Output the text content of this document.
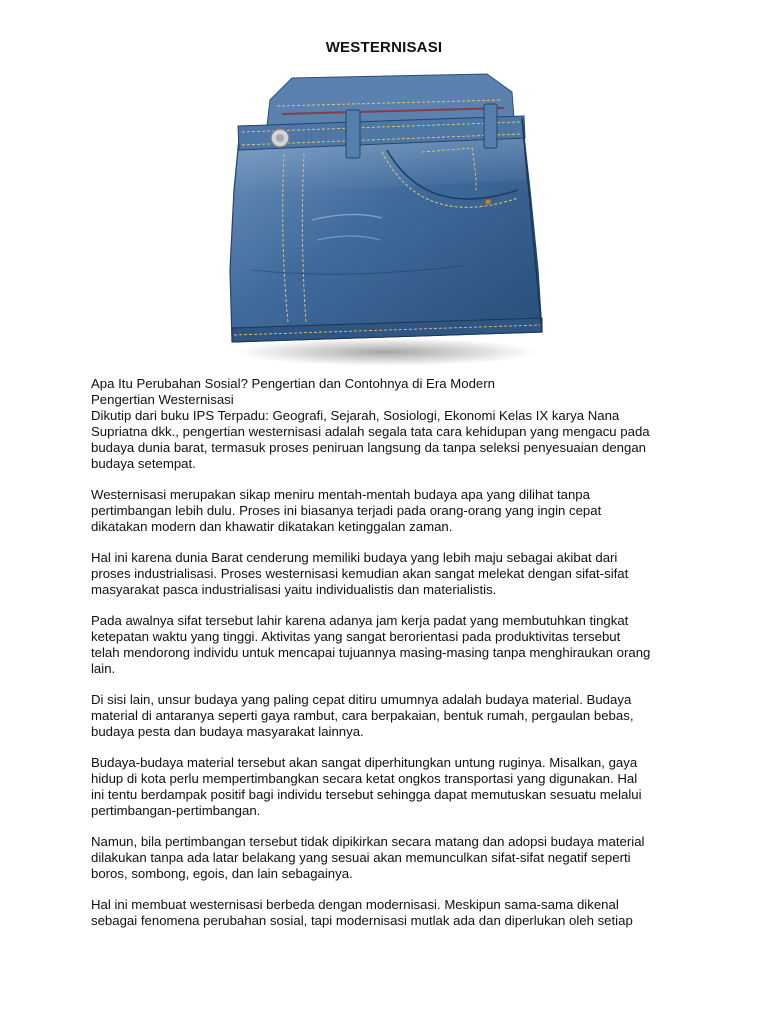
WESTERNISASI

Apa Itu Perubahan Sosial? Pengertian dan Contohnya di Era Modern

Pengertian Westernisasi

Dikutip dari buku IPS Terpadu: Geografi, Sejarah, Sosiologi, Ekonomi Kelas IX karya Nana
Supriatna dkk., pengertian westernisasi adalah segala tata cara kehidupan yang mengacu pada
budaya dunia barat, termasuk proses peniruan langsung da tanpa seleksi penyesuaian dengan
budaya setempat.

Westernisasi merupakan sikap meniru mentah-mentah budaya apa yang dilihat tanpa
pertimbangan lebih dulu. Proses ini biasanya terjadi pada orang-orang yang ingin cepat
dikatakan modern dan khawatir dikatakan ketinggalan zaman.

Hal ini karena dunia Barat cenderung memiliki budaya yang lebih maju sebagai akibat dari
proses industrialisasi. Proses westernisasi kemudian akan sangat melekat dengan sifat-sifat
masyarakat pasca industrialisasi yaitu individualistis dan materialistis.

Pada awalnya sifat tersebut lahir karena adanya jam kerja padat yang membutuhkan tingkat
ketepatan waktu yang tinggi. Aktivitas yang sangat berorientasi pada produktivitas tersebut
telah mendorong individu untuk mencapai tujuannya masing-masing tanpa menghiraukan orang
lain.

Di sisi lain, unsur budaya yang paling cepat ditiru umumnya adalah budaya material. Budaya
material di antaranya seperti gaya rambut, cara berpakaian, bentuk rumah, pergaulan bebas,
budaya pesta dan budaya masyarakat lainnya.

Budaya-budaya material tersebut akan sangat diperhitungkan untung ruginya. Misalkan, gaya
hidup di kota perlu mempertimbangkan secara ketat ongkos transportasi yang digunakan. Hal
ini tentu berdampak positif bagi individu tersebut sehingga dapat memutuskan sesuatu melalui
pertimbangan-pertimbangan.

Namun, bila pertimbangan tersebut tidak dipikirkan secara matang dan adopsi budaya material
dilakukan tanpa ada latar belakang yang sesuai akan memunculkan sifat-sifat negatif seperti
boros, sombong, egois, dan lain sebagainya.

Hal ini membuat westernisasi berbeda dengan modernisasi. Meskipun sama-sama dikenal
sebagai fenomena perubahan sosial, tapi modernisasi mutlak ada dan diperlukan oleh setiap
